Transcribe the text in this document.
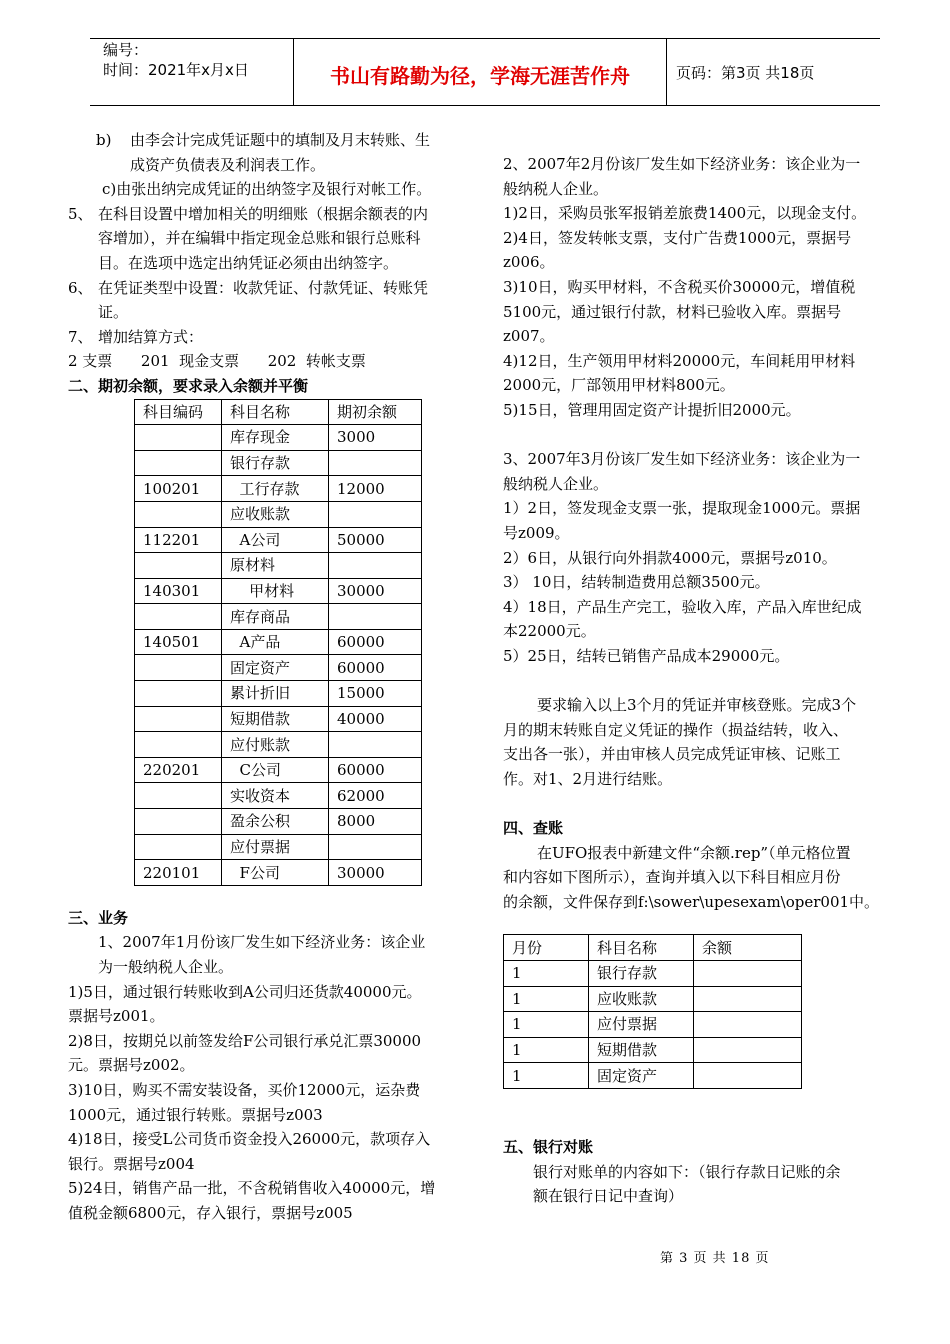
编号：
时间：2021年x月x日	书山有路勤为径，学海无涯苦作舟	页码：第3页 共18页
b)	由李会计完成凭证题中的填制及月末转账、生

成资产负债表及利润表工作。

c)由张出纳完成凭证的出纳签字及银行对帐工作。

5、 在科目设置中增加相关的明细账（根据余额表的内

容增加），并在编辑中指定现金总账和银行总账科

目。在选项中选定出纳凭证必须由出纳签字。

6、 在凭证类型中设置：收款凭证、付款凭证、转账凭

证。

7、 增加结算方式：

2 支票      201  现金支票      202  转帐支票

二、期初余额，要求录入余额并平衡

科目编码	科目名称	期初余额
	库存现金	3000
	银行存款	
100201	工行存款	12000
	应收账款	
112201	A公司	50000
	原材料	
140301	甲材料	30000
	库存商品	
140501	A产品	60000
	固定资产	60000
	累计折旧	15000
	短期借款	40000
	应付账款	
220201	C公司	60000
	实收资本	62000
	盈余公积	8000
	应付票据	
220101	F公司	30000

三、业务

1、2007年1月份该厂发生如下经济业务：该企业

为一般纳税人企业。

1)5日，通过银行转账收到A公司归还货款40000元。

票据号z001。

2)8日，按期兑以前签发给F公司银行承兑汇票30000

元。票据号z002。

3)10日，购买不需安装设备，买价12000元，运杂费

1000元，通过银行转账。票据号z003

4)18日，接受L公司货币资金投入26000元，款项存入

银行。票据号z004

5)24日，销售产品一批，不含税销售收入40000元，增

值税金额6800元，存入银行，票据号z005

2、2007年2月份该厂发生如下经济业务：该企业为一

般纳税人企业。

1)2日，采购员张军报销差旅费1400元，以现金支付。

2)4日，签发转帐支票，支付广告费1000元，票据号

z006。

3)10日，购买甲材料，不含税买价30000元，增值税

5100元，通过银行付款，材料已验收入库。票据号

z007。

4)12日，生产领用甲材料20000元，车间耗用甲材料

2000元，厂部领用甲材料800元。

5)15日，管理用固定资产计提折旧2000元。

3、2007年3月份该厂发生如下经济业务：该企业为一

般纳税人企业。

1）2日，签发现金支票一张，提取现金1000元。票据

号z009。

2）6日，从银行向外捐款4000元，票据号z010。

3） 10日，结转制造费用总额3500元。

4）18日，产品生产完工，验收入库，产品入库世纪成

本22000元。

5）25日，结转已销售产品成本29000元。

要求输入以上3个月的凭证并审核登账。完成3个

月的期末转账自定义凭证的操作（损益结转，收入、

支出各一张），并由审核人员完成凭证审核、记账工

作。对1、2月进行结账。

四、查账

在UFO报表中新建文件“余额.rep”（单元格位置

和内容如下图所示），查询并填入以下科目相应月份

的余额，文件保存到f:\sower\upesexam\oper001中。

月份	科目名称	余额
1	银行存款	
1	应收账款	
1	应付票据	
1	短期借款	
1	固定资产	

五、银行对账

银行对账单的内容如下：（银行存款日记账的余

额在银行日记中查询）

第 3 页 共 18 页
